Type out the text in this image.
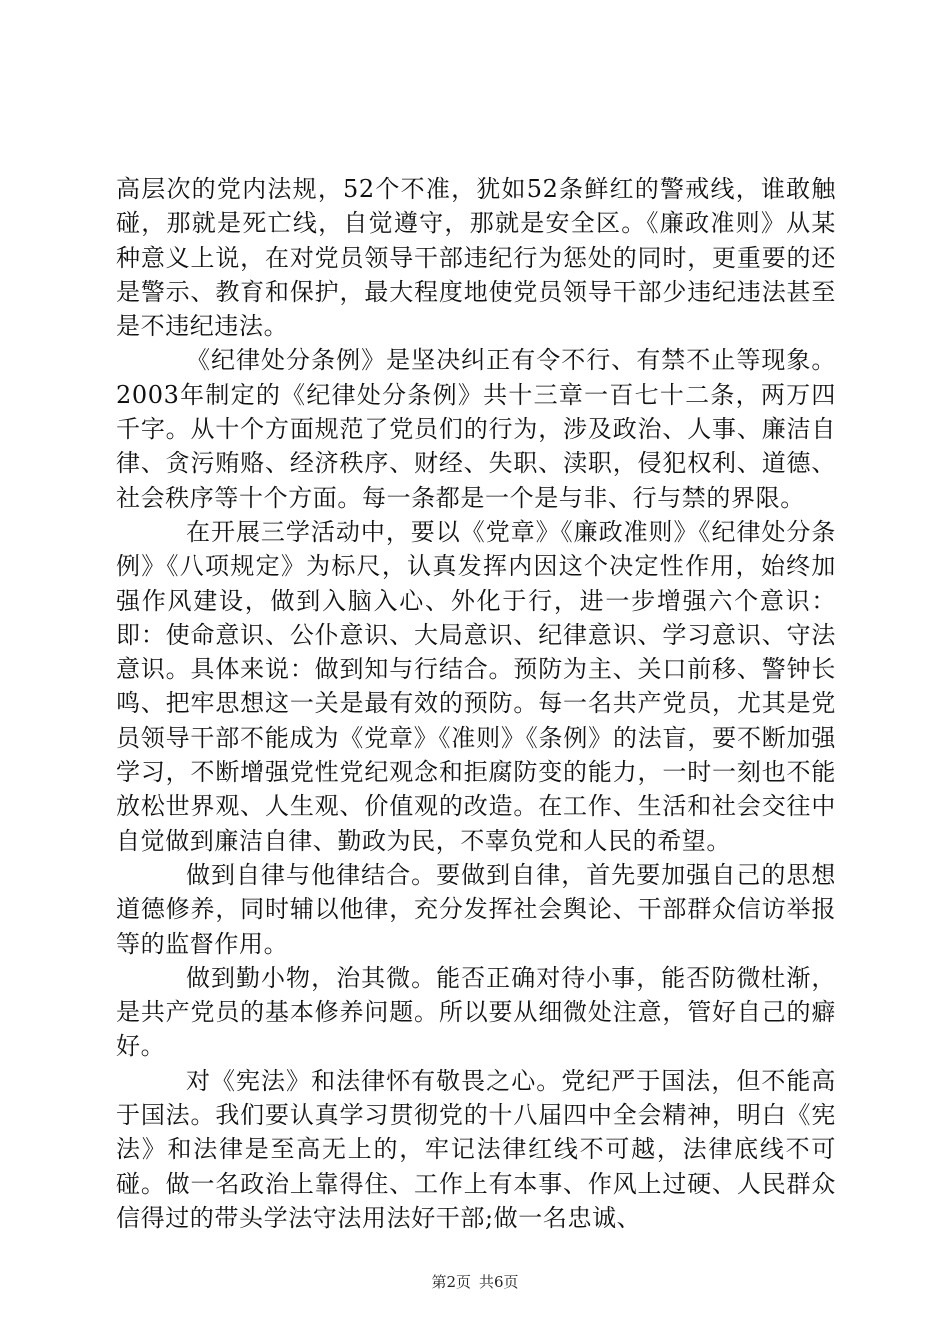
高层次的党内法规，52个不准，犹如52条鲜红的警戒线，谁敢触碰，那就是死亡线，自觉遵守，那就是安全区。《廉政准则》从某种意义上说，在对党员领导干部违纪行为惩处的同时，更重要的还是警示、教育和保护，最大程度地使党员领导干部少违纪违法甚至是不违纪违法。

《纪律处分条例》是坚决纠正有令不行、有禁不止等现象。2003年制定的《纪律处分条例》共十三章一百七十二条，两万四千字。从十个方面规范了党员们的行为，涉及政治、人事、廉洁自律、贪污贿赂、经济秩序、财经、失职、渎职，侵犯权利、道德、社会秩序等十个方面。每一条都是一个是与非、行与禁的界限。

在开展三学活动中，要以《党章》《廉政准则》《纪律处分条例》《八项规定》为标尺，认真发挥内因这个决定性作用，始终加强作风建设，做到入脑入心、外化于行，进一步增强六个意识：即：使命意识、公仆意识、大局意识、纪律意识、学习意识、守法意识。具体来说：做到知与行结合。预防为主、关口前移、警钟长鸣、把牢思想这一关是最有效的预防。每一名共产党员，尤其是党员领导干部不能成为《党章》《准则》《条例》的法盲，要不断加强学习，不断增强党性党纪观念和拒腐防变的能力，一时一刻也不能放松世界观、人生观、价值观的改造。在工作、生活和社会交往中自觉做到廉洁自律、勤政为民，不辜负党和人民的希望。

做到自律与他律结合。要做到自律，首先要加强自己的思想道德修养，同时辅以他律，充分发挥社会舆论、干部群众信访举报等的监督作用。

做到勤小物，治其微。能否正确对待小事，能否防微杜渐，是共产党员的基本修养问题。所以要从细微处注意，管好自己的癖好。

对《宪法》和法律怀有敬畏之心。党纪严于国法，但不能高于国法。我们要认真学习贯彻党的十八届四中全会精神，明白《宪法》和法律是至高无上的，牢记法律红线不可越，法律底线不可碰。做一名政治上靠得住、工作上有本事、作风上过硬、人民群众信得过的带头学法守法用法好干部;做一名忠诚、

第2页 共6页
